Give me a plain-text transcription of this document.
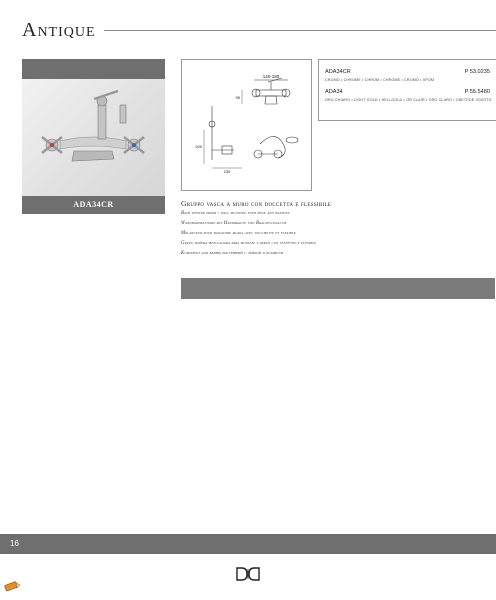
Antique
ADA34CR
140-180
95
200
235
ADA34CR	P 53.0235
CROMO • CHROME • CHROM • CHROME • CROMO • ХРОМ
ADA34	P 55.5480
ORO CHIARO • LIGHT GOLD • HELLGOLD • OR CLAIR • ORO CLARO • СВЕТЛОЕ ЗОЛОТО
Gruppo vasca a muro con doccetta e flessibile
Bath shower mixer - wall mounted with hose and handset
Wandbadebatterie mit Handbrause und Brauseschlauch
Mélangeur pour baignoire mural avec douchette et flexible
Grupo bañera mezcladora para montaje a pared con teléfono y flexible
Комплект для ванны настенный с лейкой и шлангом
16
